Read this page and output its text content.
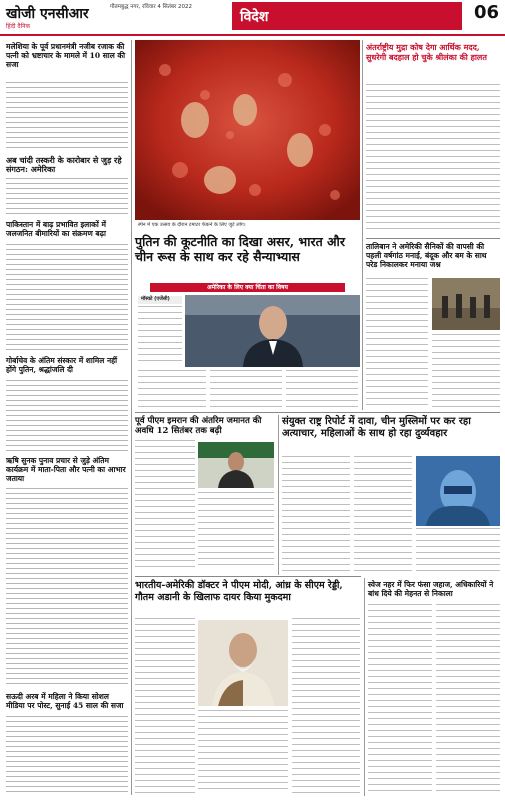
खोजी एनसीआर
हिंदी दैनिक
गौतमबुद्ध नगर, रविवार 4 सितंबर 2022
विदेश	06
मलेशिया के पूर्व प्रधानमंत्री नजीब रजाक की पत्नी को भ्रष्टाचार के मामले में 10 साल की सजा
अब चांदी तस्करी के कारोबार से जुड़ रहे संगठन: अमेरिका
पाकिस्तान में बाढ़ प्रभावित इलाकों में जलजनित बीमारियों का संक्रमण बढ़ा
गोर्बाचेव के अंतिम संस्कार में शामिल नहीं होंगे पुतिन, श्रद्धांजलि दी
ऋषि सुनक पुनाव प्रचार से जुड़े अंतिम कार्यक्रम में माता-पिता और पत्नी का आभार जताया
सऊदी अरब में महिला ने किया सोशल मीडिया पर पोस्ट, सुनाई 45 साल की सजा
स्पेन में एक उत्सव के दौरान टमाटर फेंकने के लिए जुटे लोग।
पुतिन की कूटनीति का दिखा असर, भारत और चीन रूस के साथ कर रहे सैन्याभ्यास
अमेरिका के लिए क्या चिंता का विषय
मॉस्को (एजेंसी)
अंतर्राष्ट्रीय मुद्रा कोष देगा आर्थिक मदद, सुधरेगी बदहाल हो चुके श्रीलंका की हालत
तालिबान ने अमेरिकी सैनिकों की वापसी की पहली वर्षगांठ मनाई, बंदूक और बम के साथ परेड निकालकर मनाया जश्न
पूर्व पीएम इमरान की अंतरिम जमानत की अवधि 12 सितंबर तक बढ़ी
संयुक्त राष्ट्र रिपोर्ट में दावा, चीन मुस्लिमों पर कर रहा अत्याचार, महिलाओं के साथ हो रहा दुर्व्यवहार
भारतीय-अमेरिकी डॉक्टर ने पीएम मोदी, आंध्र के सीएम रेड्डी, गौतम अडानी के खिलाफ दायर किया मुकदमा
स्वेज नहर में फिर फंसा जहाज, अधिकारियों ने बांध दिये की मेहनत से निकाला
